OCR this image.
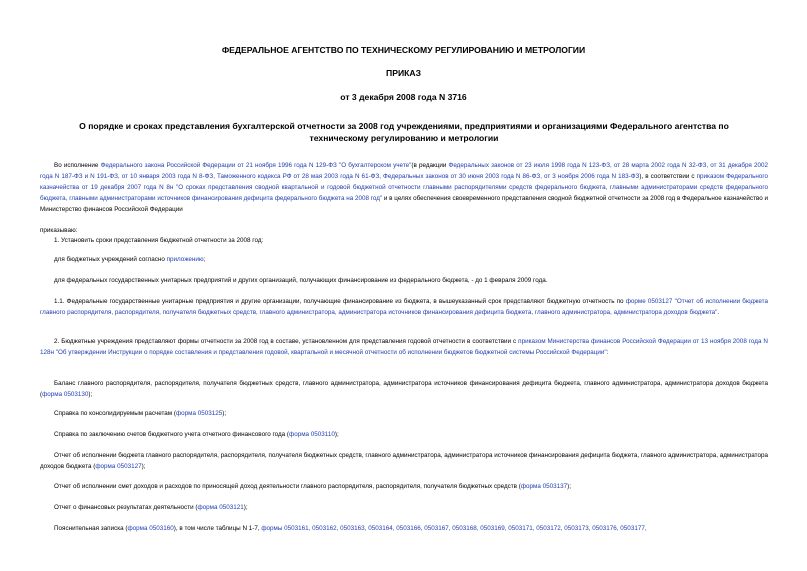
ФЕДЕРАЛЬНОЕ АГЕНТСТВО ПО ТЕХНИЧЕСКОМУ РЕГУЛИРОВАНИЮ И МЕТРОЛОГИИ
ПРИКАЗ
от 3 декабря 2008 года N 3716
О порядке и сроках представления бухгалтерской отчетности за 2008 год учреждениями, предприятиями и организациями Федерального агентства по техническому регулированию и метрологии

Во исполнение Федерального закона Российской Федерации от 21 ноября 1996 года N 129-ФЗ "О бухгалтерском учете"(в редакции Федеральных законов от 23 июля 1998 года N 123-ФЗ, от 28 марта 2002 года N 32-ФЗ, от 31 декабря 2002 года N 187-ФЗ и N 191-ФЗ, от 10 января 2003 года N 8-ФЗ, Таможенного кодекса РФ от 28 мая 2003 года N 61-ФЗ, Федеральных законов от 30 июня 2003 года N 86-ФЗ, от 3 ноября 2006 года N 183-ФЗ), в соответствии с приказом Федерального казначейства от 19 декабря 2007 года N 8н "О сроках представления сводной квартальной и годовой бюджетной отчетности главными распорядителями средств федерального бюджета, главными администраторами средств федерального бюджета, главными администраторами источников финансирования дефицита федерального бюджета на 2008 год" и в целях обеспечения своевременного представления сводной бюджетной отчетности за 2008 год в Федеральное казначейство и Министерство финансов Российской Федерации

приказываю:

1. Установить сроки представления бюджетной отчетности за 2008 год:

для бюджетных учреждений согласно приложению;

для федеральных государственных унитарных предприятий и других организаций, получающих финансирование из федерального бюджета, - до 1 февраля 2009 года.

1.1. Федеральные государственные унитарные предприятия и другие организации, получающие финансирование из бюджета, в вышеуказанный срок представляют бюджетную отчетность по форме 0503127 "Отчет об исполнении бюджета главного распорядителя, распорядителя, получателя бюджетных средств, главного администратора, администратора источников финансирования дефицита бюджета, главного администратора, администратора доходов бюджета".

2. Бюджетные учреждения представляют формы отчетности за 2008 год в составе, установленном для представления годовой отчетности в соответствии с приказом Министерства финансов Российской Федерации от 13 ноября 2008 года N 128н "Об утверждении Инструкции о порядке составления и представления годовой, квартальной и месячной отчетности об исполнении бюджетов бюджетной системы Российской Федерации":

Баланс главного распорядителя, распорядителя, получателя бюджетных средств, главного администратора, администратора источников финансирования дефицита бюджета, главного администратора, администратора доходов бюджета (форма 0503130);

Справка по консолидируемым расчетам (форма 0503125);

Справка по заключению счетов бюджетного учета отчетного финансового года (форма 0503110);

Отчет об исполнении бюджета главного распорядителя, распорядителя, получателя бюджетных средств, главного администратора, администратора источников финансирования дефицита бюджета, главного администратора, администратора доходов бюджета (форма 0503127);

Отчет об исполнении смет доходов и расходов по приносящей доход деятельности главного распорядителя, распорядителя, получателя бюджетных средств (форма 0503137);

Отчет о финансовых результатах деятельности (форма 0503121);

Пояснительная записка (форма 0503160), в том числе таблицы N 1-7, формы 0503161, 0503162, 0503163, 0503164, 0503166, 0503167, 0503168, 0503169, 0503171, 0503172, 0503173, 0503176, 0503177,
